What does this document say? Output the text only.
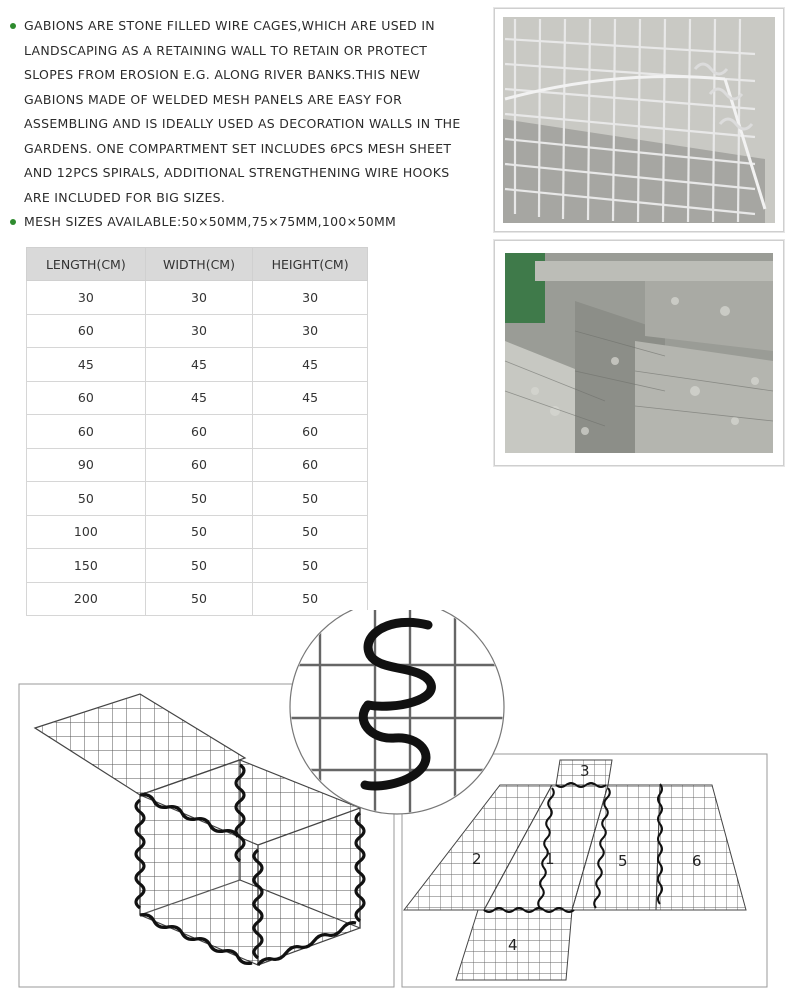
GABIONS ARE STONE FILLED WIRE CAGES,WHICH ARE USED IN LANDSCAPING AS A RETAINING WALL TO RETAIN OR PROTECT SLOPES FROM EROSION E.G. ALONG RIVER BANKS.THIS NEW GABIONS MADE OF WELDED MESH PANELS ARE EASY FOR ASSEMBLING AND IS IDEALLY USED AS DECORATION WALLS IN THE GARDENS. ONE COMPARTMENT SET INCLUDES 6PCS MESH SHEET AND 12PCS SPIRALS, ADDITIONAL STRENGTHENING WIRE HOOKS ARE INCLUDED FOR BIG SIZES.
MESH SIZES AVAILABLE:50×50MM,75×75MM,100×50MM
LENGTH(CM)	WIDTH(CM)	HEIGHT(CM)
30	30	30
60	30	30
45	45	45
60	45	45
60	60	60
90	60	60
50	50	50
100	50	50
150	50	50
200	50	50
3
2	1	5	6
4
